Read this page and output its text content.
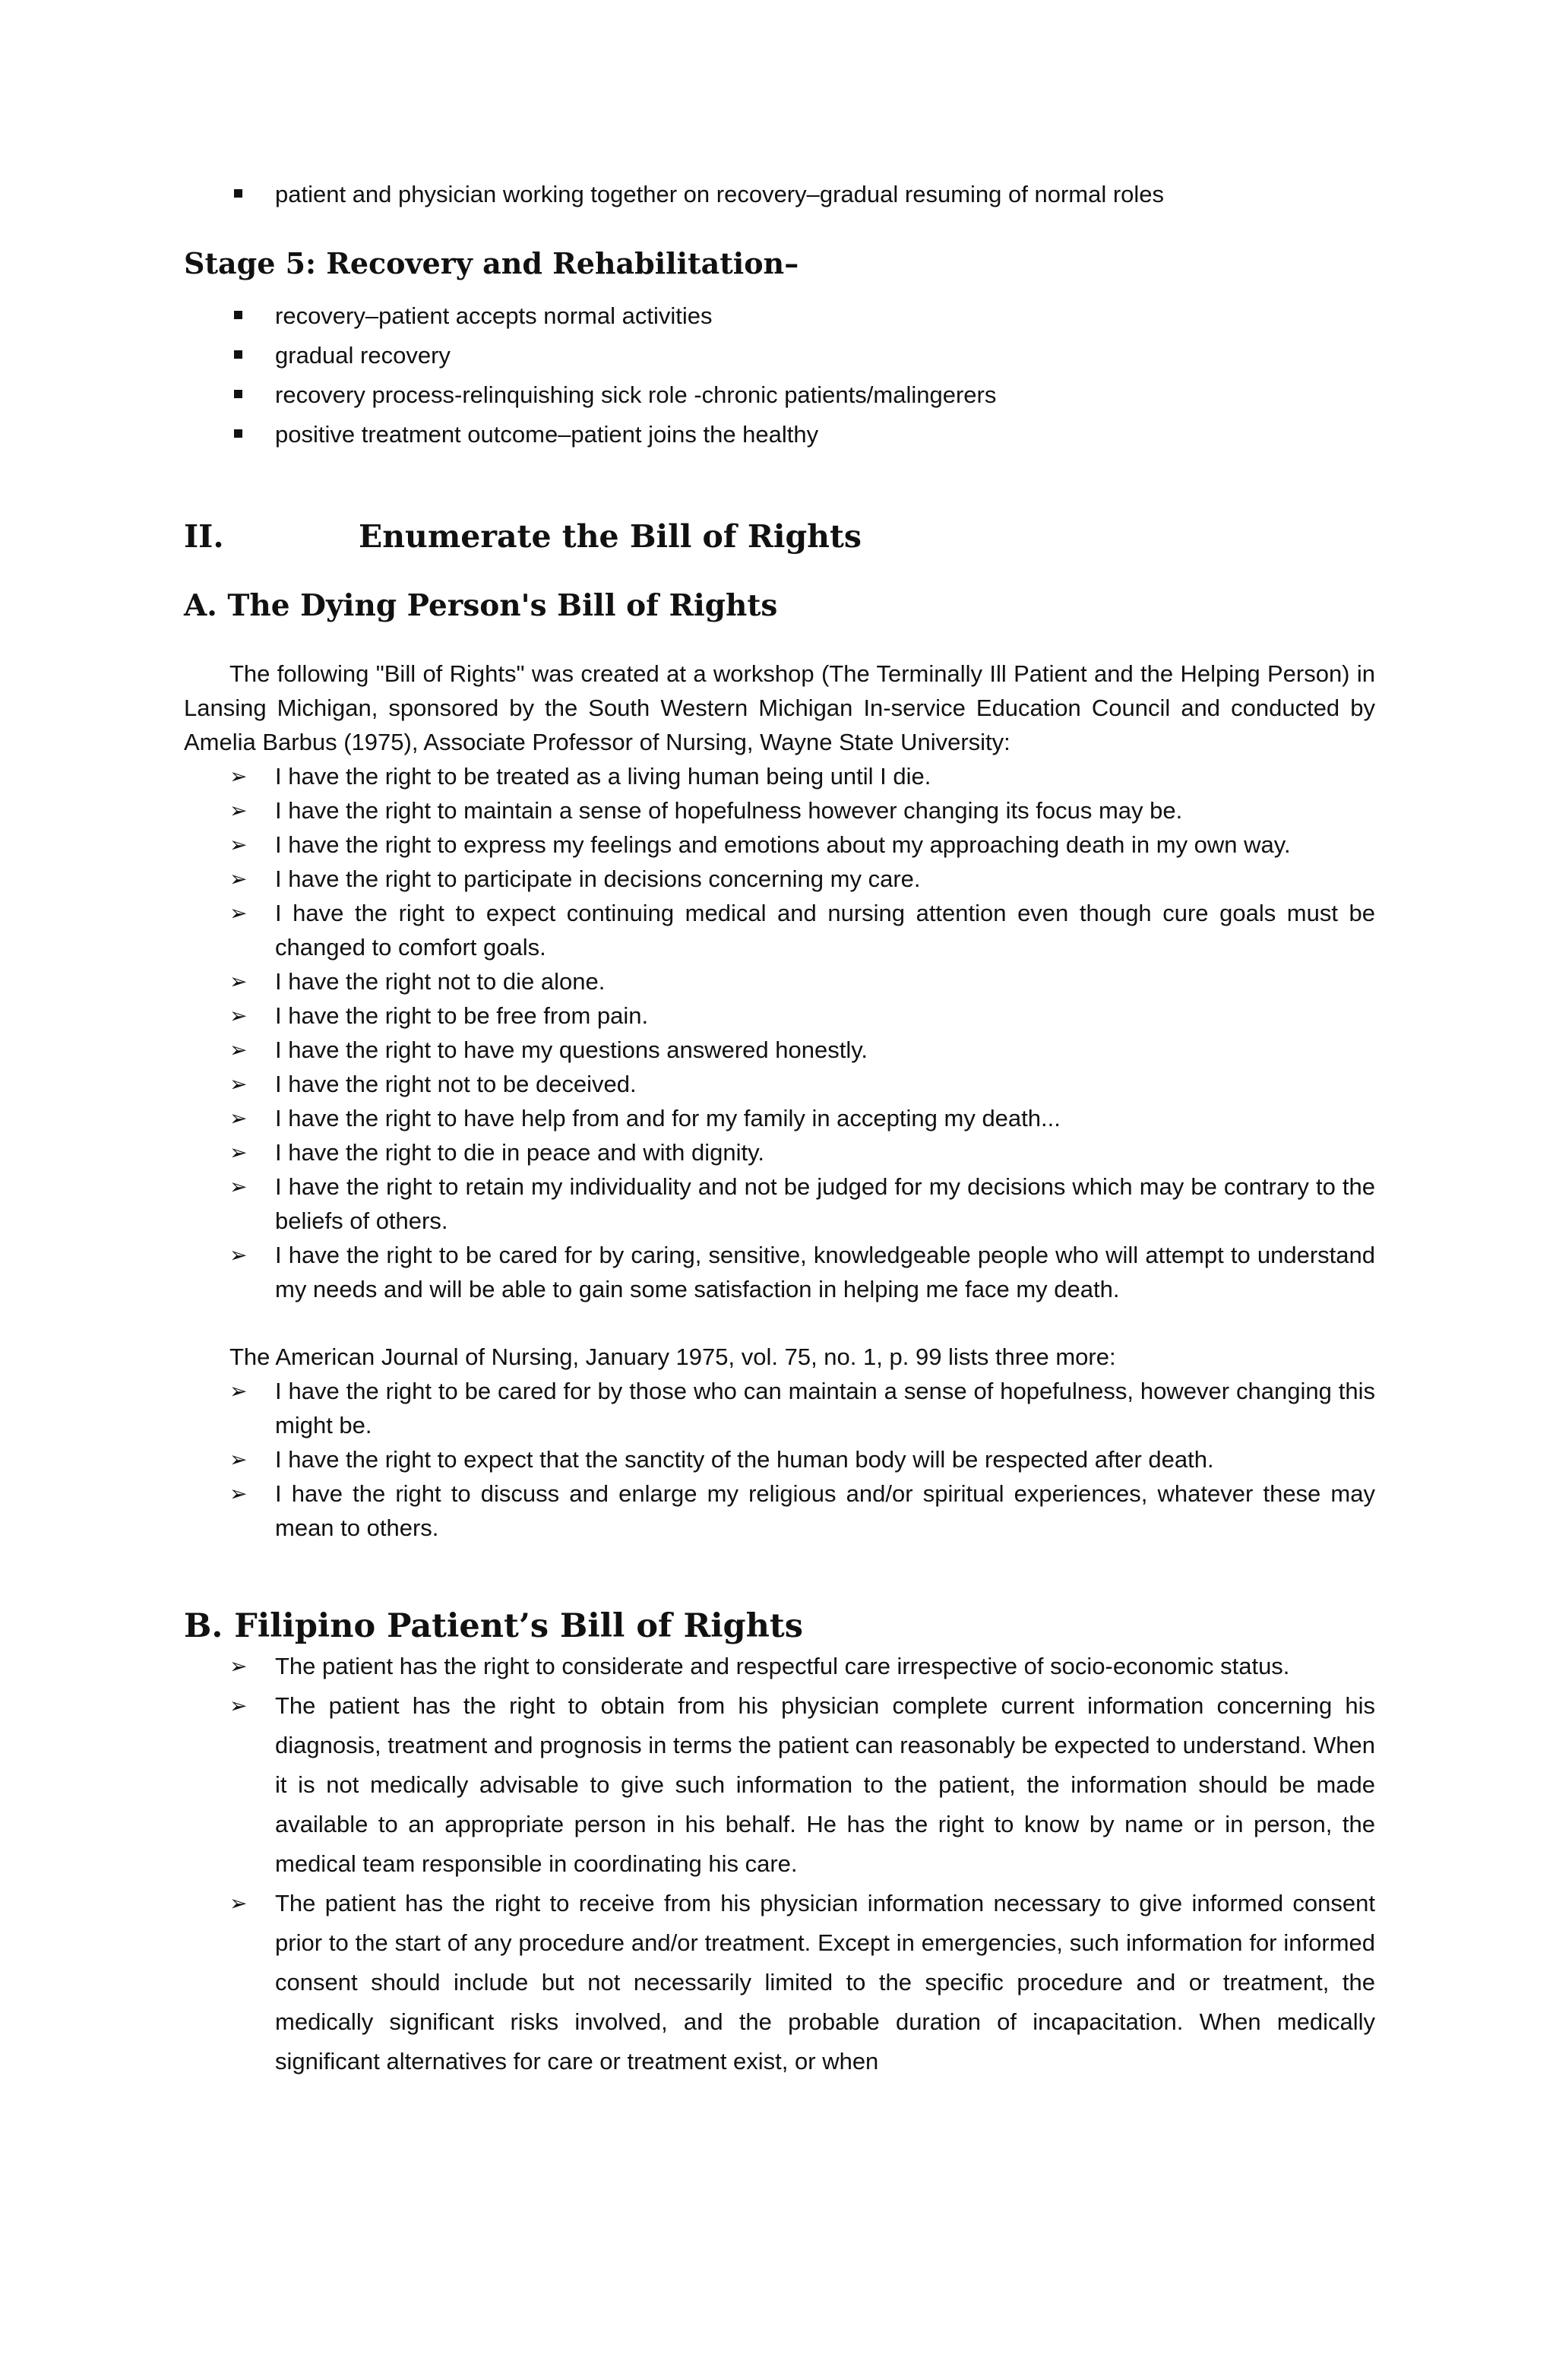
patient and physician working together on recovery–gradual resuming of normal roles
Stage 5: Recovery and Rehabilitation–
recovery–patient accepts normal activities
gradual recovery
recovery process-relinquishing sick role -chronic patients/malingerers
positive treatment outcome–patient joins the healthy
II.	Enumerate the Bill of Rights
A. The Dying Person's Bill of Rights

The following "Bill of Rights" was created at a workshop (The Terminally Ill Patient and the Helping Person) in Lansing Michigan, sponsored by the South Western Michigan In-service Education Council and conducted by Amelia Barbus (1975), Associate Professor of Nursing, Wayne State University:

➢ I have the right to be treated as a living human being until I die.
➢ I have the right to maintain a sense of hopefulness however changing its focus may be.
➢ I have the right to express my feelings and emotions about my approaching death in my own way.
➢ I have the right to participate in decisions concerning my care.
➢ I have the right to expect continuing medical and nursing attention even though cure goals must be changed to comfort goals.
➢ I have the right not to die alone.
➢ I have the right to be free from pain.
➢ I have the right to have my questions answered honestly.
➢ I have the right not to be deceived.
➢ I have the right to have help from and for my family in accepting my death...
➢ I have the right to die in peace and with dignity.
➢ I have the right to retain my individuality and not be judged for my decisions which may be contrary to the beliefs of others.
➢ I have the right to be cared for by caring, sensitive, knowledgeable people who will attempt to understand my needs and will be able to gain some satisfaction in helping me face my death.

The American Journal of Nursing, January 1975, vol. 75, no. 1, p. 99 lists three more:

➢ I have the right to be cared for by those who can maintain a sense of hopefulness, however changing this might be.
➢ I have the right to expect that the sanctity of the human body will be respected after death.
➢ I have the right to discuss and enlarge my religious and/or spiritual experiences, whatever these may mean to others.
B. Filipino Patient’s Bill of Rights
➢ The patient has the right to considerate and respectful care irrespective of socio-economic status.
➢ The patient has the right to obtain from his physician complete current information concerning his diagnosis, treatment and prognosis in terms the patient can reasonably be expected to understand. When it is not medically advisable to give such information to the patient, the information should be made available to an appropriate person in his behalf. He has the right to know by name or in person, the medical team responsible in coordinating his care.
➢ The patient has the right to receive from his physician information necessary to give informed consent prior to the start of any procedure and/or treatment. Except in emergencies, such information for informed consent should include but not necessarily limited to the specific procedure and or treatment, the medically significant risks involved, and the probable duration of incapacitation. When medically significant alternatives for care or treatment exist, or when
